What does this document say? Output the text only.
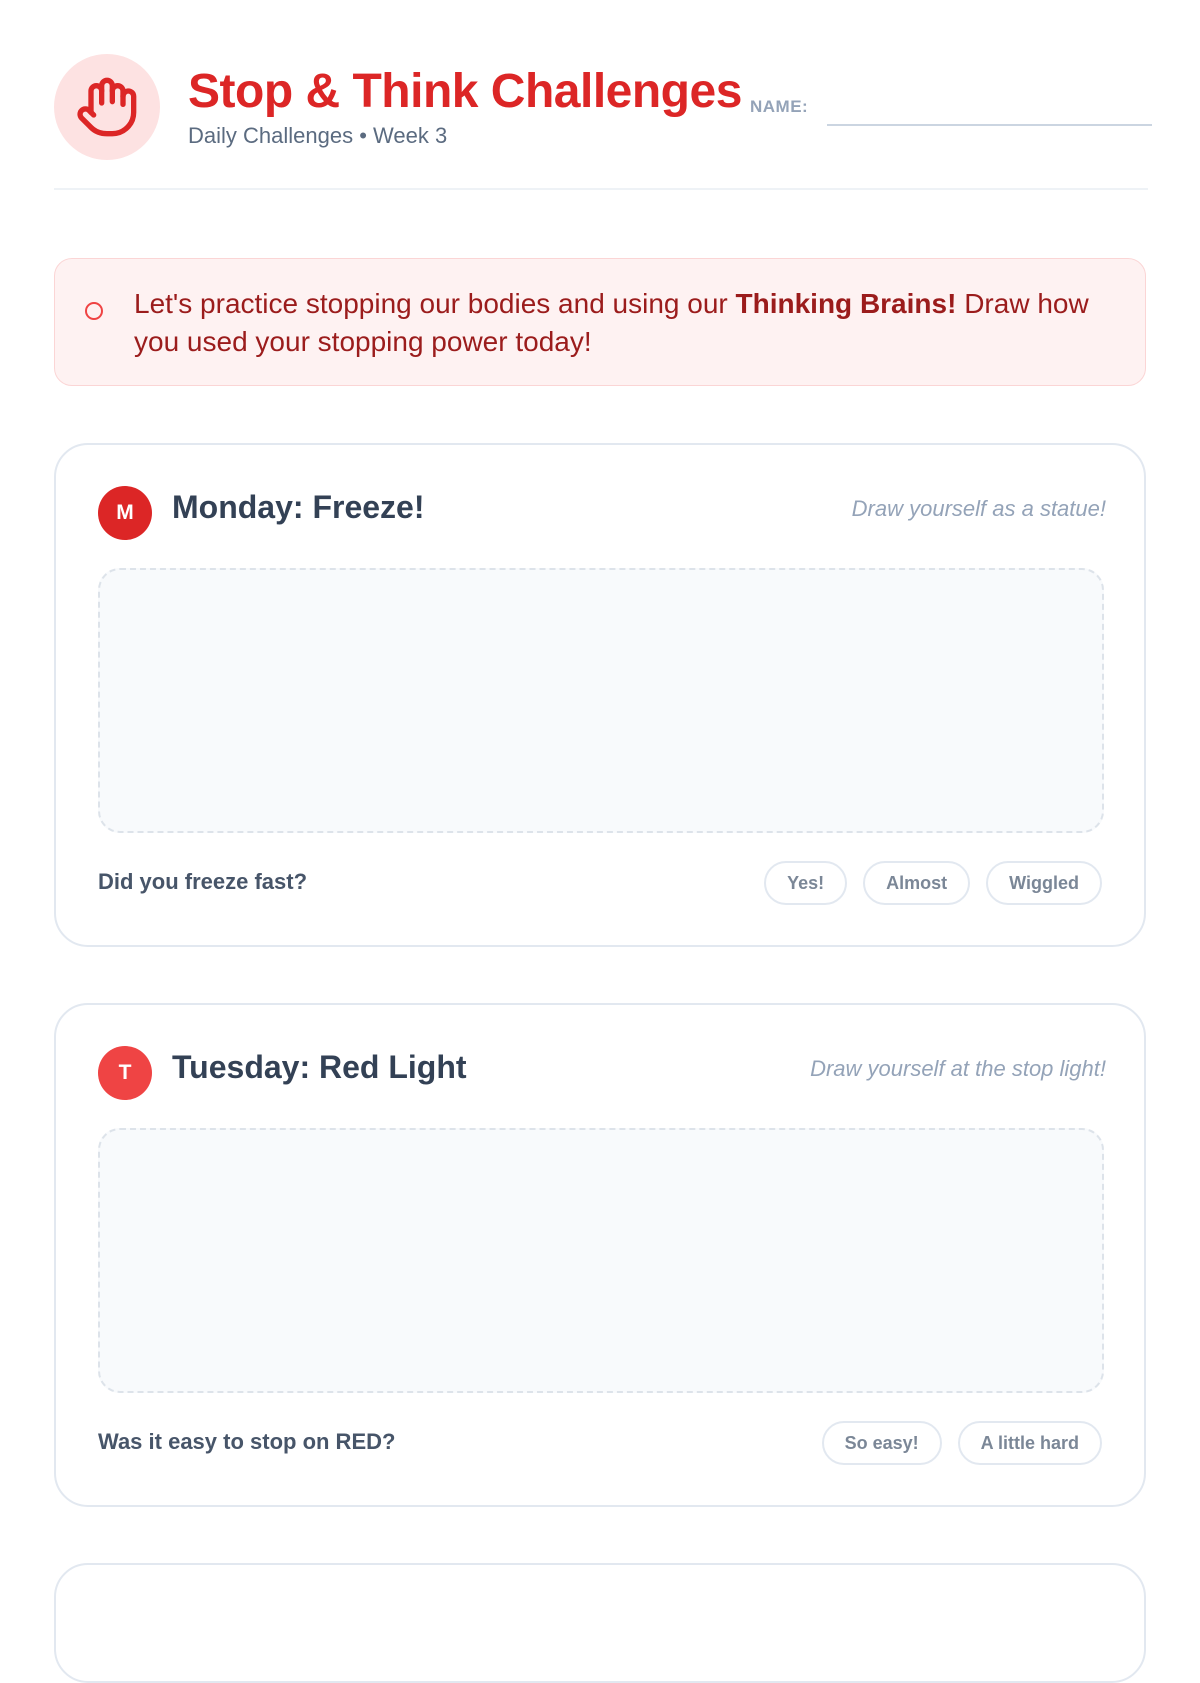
Stop & Think Challenges
Daily Challenges • Week 3
NAME:

Let's practice stopping our bodies and using our Thinking Brains! Draw how you used your stopping power today!

M	Monday: Freeze!	Draw yourself as a statue!
Did you freeze fast?	Yes!	Almost	Wiggled
T	Tuesday: Red Light	Draw yourself at the stop light!
Was it easy to stop on RED?	So easy!	A little hard
